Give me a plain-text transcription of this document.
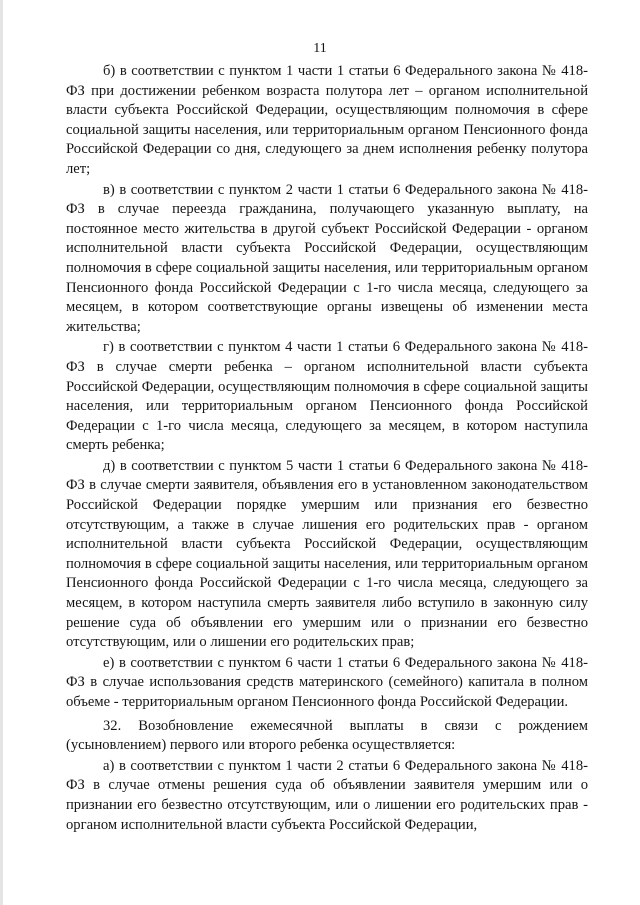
11

б) в соответствии с пунктом 1 части 1 статьи 6 Федерального закона № 418-ФЗ при достижении ребенком возраста полутора лет – органом исполнительной власти субъекта Российской Федерации, осуществляющим полномочия в сфере социальной защиты населения, или территориальным органом Пенсионного фонда Российской Федерации со дня, следующего за днем исполнения ребенку полутора лет;

в) в соответствии с пунктом 2 части 1 статьи 6 Федерального закона № 418-ФЗ в случае переезда гражданина, получающего указанную выплату, на постоянное место жительства в другой субъект Российской Федерации - органом исполнительной власти субъекта Российской Федерации, осуществляющим полномочия в сфере социальной защиты населения, или территориальным органом Пенсионного фонда Российской Федерации с 1-го числа месяца, следующего за месяцем, в котором соответствующие органы извещены об изменении места жительства;

г) в соответствии с пунктом 4 части 1 статьи 6 Федерального закона № 418-ФЗ в случае смерти ребенка – органом исполнительной власти субъекта Российской Федерации, осуществляющим полномочия в сфере социальной защиты населения, или территориальным органом Пенсионного фонда Российской Федерации с 1-го числа месяца, следующего за месяцем, в котором наступила смерть ребенка;

д) в соответствии с пунктом 5 части 1 статьи 6 Федерального закона № 418-ФЗ в случае смерти заявителя, объявления его в установленном законодательством Российской Федерации порядке умершим или признания его безвестно отсутствующим, а также в случае лишения его родительских прав - органом исполнительной власти субъекта Российской Федерации, осуществляющим полномочия в сфере социальной защиты населения, или территориальным органом Пенсионного фонда Российской Федерации с 1-го числа месяца, следующего за месяцем, в котором наступила смерть заявителя либо вступило в законную силу решение суда об объявлении его умершим или о признании его безвестно отсутствующим, или о лишении его родительских прав;

е) в соответствии с пунктом 6 части 1 статьи 6 Федерального закона № 418-ФЗ в случае использования средств материнского (семейного) капитала в полном объеме - территориальным органом Пенсионного фонда Российской Федерации.

32. Возобновление ежемесячной выплаты в связи с рождением (усыновлением) первого или второго ребенка осуществляется:

а) в соответствии с пунктом 1 части 2 статьи 6 Федерального закона № 418-ФЗ в случае отмены решения суда об объявлении заявителя умершим или о признании его безвестно отсутствующим, или о лишении его родительских прав - органом исполнительной власти субъекта Российской Федерации,
